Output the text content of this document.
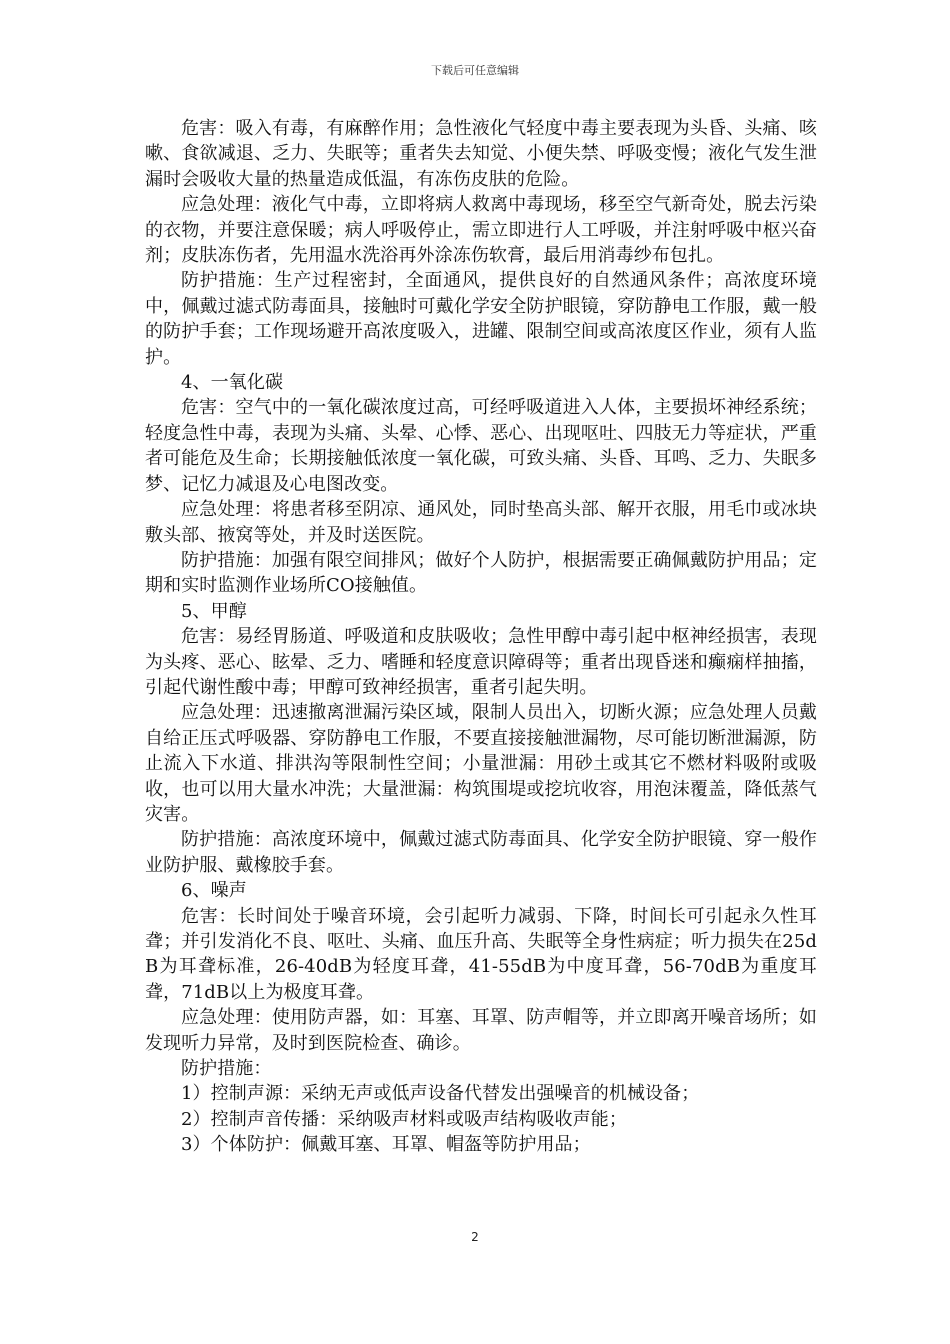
下载后可任意编辑

危害：吸入有毒，有麻醉作用；急性液化气轻度中毒主要表现为头昏、头痛、咳嗽、食欲减退、乏力、失眠等；重者失去知觉、小便失禁、呼吸变慢；液化气发生泄漏时会吸收大量的热量造成低温，有冻伤皮肤的危险。

应急处理：液化气中毒，立即将病人救离中毒现场，移至空气新奇处，脱去污染的衣物，并要注意保暖；病人呼吸停止，需立即进行人工呼吸，并注射呼吸中枢兴奋剂；皮肤冻伤者，先用温水洗浴再外涂冻伤软膏，最后用消毒纱布包扎。

防护措施：生产过程密封，全面通风，提供良好的自然通风条件；高浓度环境中，佩戴过滤式防毒面具，接触时可戴化学安全防护眼镜，穿防静电工作服，戴一般的防护手套；工作现场避开高浓度吸入，进罐、限制空间或高浓度区作业，须有人监护。

4、一氧化碳

危害：空气中的一氧化碳浓度过高，可经呼吸道进入人体，主要损坏神经系统；轻度急性中毒，表现为头痛、头晕、心悸、恶心、出现呕吐、四肢无力等症状，严重者可能危及生命；长期接触低浓度一氧化碳，可致头痛、头昏、耳鸣、乏力、失眠多梦、记忆力减退及心电图改变。

应急处理：将患者移至阴凉、通风处，同时垫高头部、解开衣服，用毛巾或冰块敷头部、掖窝等处，并及时送医院。

防护措施：加强有限空间排风；做好个人防护，根据需要正确佩戴防护用品；定期和实时监测作业场所CO接触值。

5、甲醇

危害：易经胃肠道、呼吸道和皮肤吸收；急性甲醇中毒引起中枢神经损害，表现为头疼、恶心、眩晕、乏力、嗜睡和轻度意识障碍等；重者出现昏迷和癫痫样抽搐，引起代谢性酸中毒；甲醇可致神经损害，重者引起失明。

应急处理：迅速撤离泄漏污染区域，限制人员出入，切断火源；应急处理人员戴自给正压式呼吸器、穿防静电工作服，不要直接接触泄漏物，尽可能切断泄漏源，防止流入下水道、排洪沟等限制性空间；小量泄漏：用砂土或其它不燃材料吸附或吸收，也可以用大量水冲洗；大量泄漏：构筑围堤或挖坑收容，用泡沫覆盖，降低蒸气灾害。

防护措施：高浓度环境中，佩戴过滤式防毒面具、化学安全防护眼镜、穿一般作业防护服、戴橡胶手套。

6、噪声

危害：长时间处于噪音环境，会引起听力减弱、下降，时间长可引起永久性耳聋；并引发消化不良、呕吐、头痛、血压升高、失眠等全身性病症；听力损失在25dB为耳聋标准，26-40dB为轻度耳聋，41-55dB为中度耳聋，56-70dB为重度耳聋，71dB以上为极度耳聋。

应急处理：使用防声器，如：耳塞、耳罩、防声帽等，并立即离开噪音场所；如发现听力异常，及时到医院检查、确诊。

防护措施：

1）控制声源：采纳无声或低声设备代替发出强噪音的机械设备；

2）控制声音传播：采纳吸声材料或吸声结构吸收声能；

3）个体防护：佩戴耳塞、耳罩、帽盔等防护用品；

2
